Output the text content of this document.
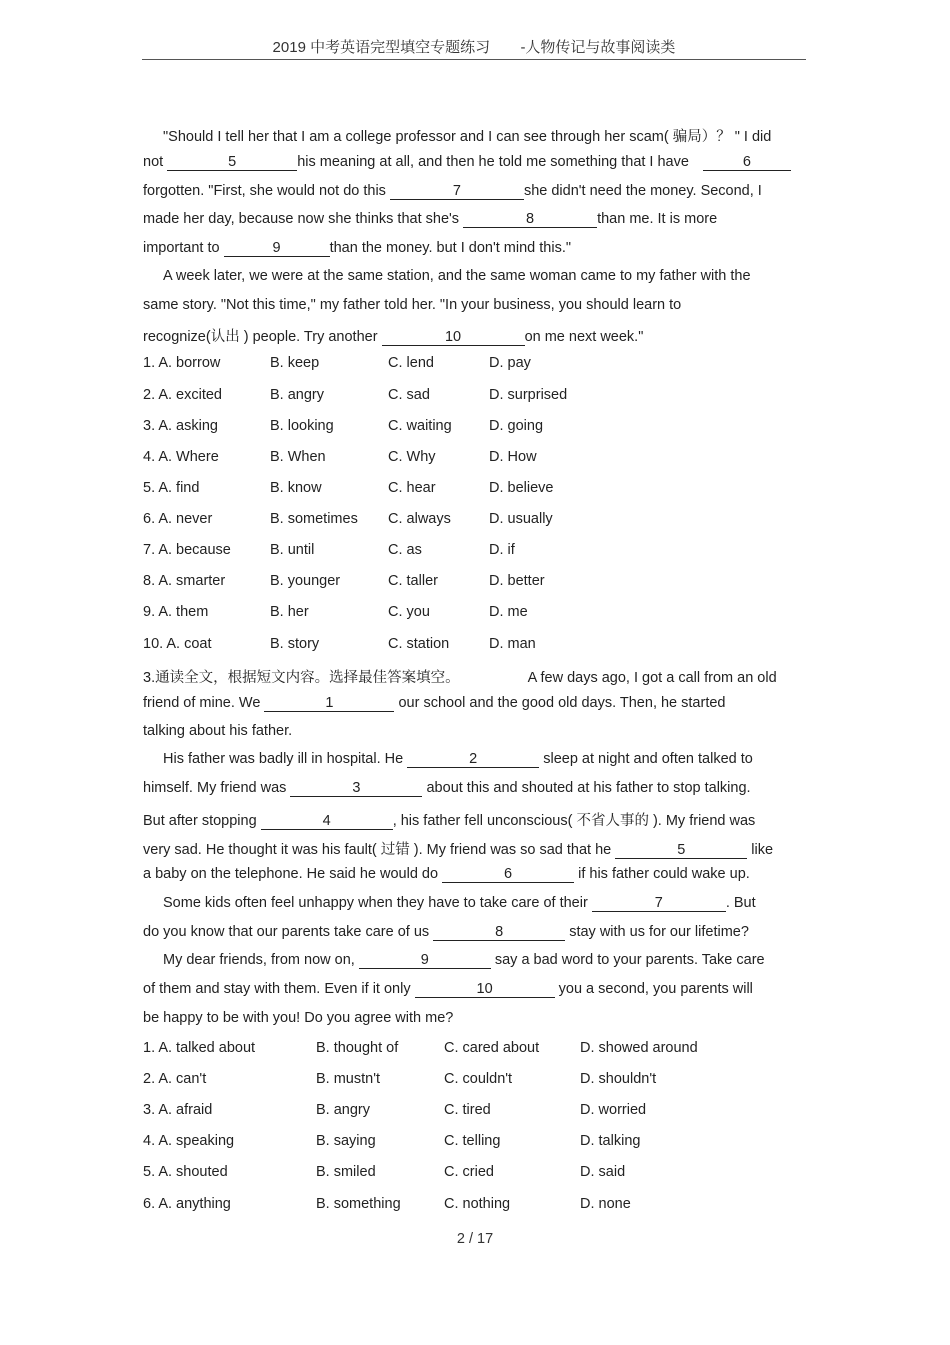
2019 中考英语完型填空专题练习 -人物传记与故事阅读类
"Should I tell her that I am a college professor and I can see through her scam( 骗局）？ " I did
not	5	his meaning at all, and then he told me something that I have	6
forgotten. "First, she would not do this	7	she didn't need the money. Second, I
made her day, because now she thinks that she's	8	than me. It is more
important to	9	than the money. but I don't mind this."
A week later, we were at the same station, and the same woman came to my father with the
same story. "Not this time," my father told her. "In your business, you should learn to
recognize(认出 ) people. Try another	10	on me next week."
1. A. borrow	B. keep	C. lend	D. pay
2. A. excited	B. angry	C. sad	D. surprised
3. A. asking	B. looking	C. waiting	D. going
4. A. Where	B. When	C. Why	D. How
5. A. find	B. know	C. hear	D. believe
6. A. never	B. sometimes C. always	D. usually
7. A. because	B. until	C. as	D. if
8. A. smarter	B. younger	C. taller	D. better
9. A. them	B. her	C. you	D. me
10. A. coat	B. story	C. station	D. man
3.通读全文，根据短文内容。选择最佳答案填空。	A few days ago, I got a call from an old
friend of mine. We	1	our school and the good old days. Then, he started
talking about his father.
His father was badly ill in hospital. He	2	sleep at night and often talked to
himself. My friend was	3	about this and shouted at his father to stop talking.
But after stopping	4	, his father fell unconscious( 不省人事的 ). My friend was
very sad. He thought it was his fault( 过错 ). My friend was so sad that he	5	like
a baby on the telephone. He said he would do	6	if his father could wake up.
Some kids often feel unhappy when they have to take care of their	7	. But
do you know that our parents take care of us	8	stay with us for our lifetime?
My dear friends, from now on,	9	say a bad word to your parents. Take care
of them and stay with them. Even if it only	10	you a second, you parents will
be happy to be with you! Do you agree with me?
1. A. talked about	B. thought of	C. cared about	D. showed around
2. A. can't	B. mustn't	C. couldn't	D. shouldn't
3. A. afraid	B. angry	C. tired	D. worried
4. A. speaking	B. saying	C. telling	D. talking
5. A. shouted	B. smiled	C. cried	D. said
6. A. anything	B. something	C. nothing	D. none
2 / 17
